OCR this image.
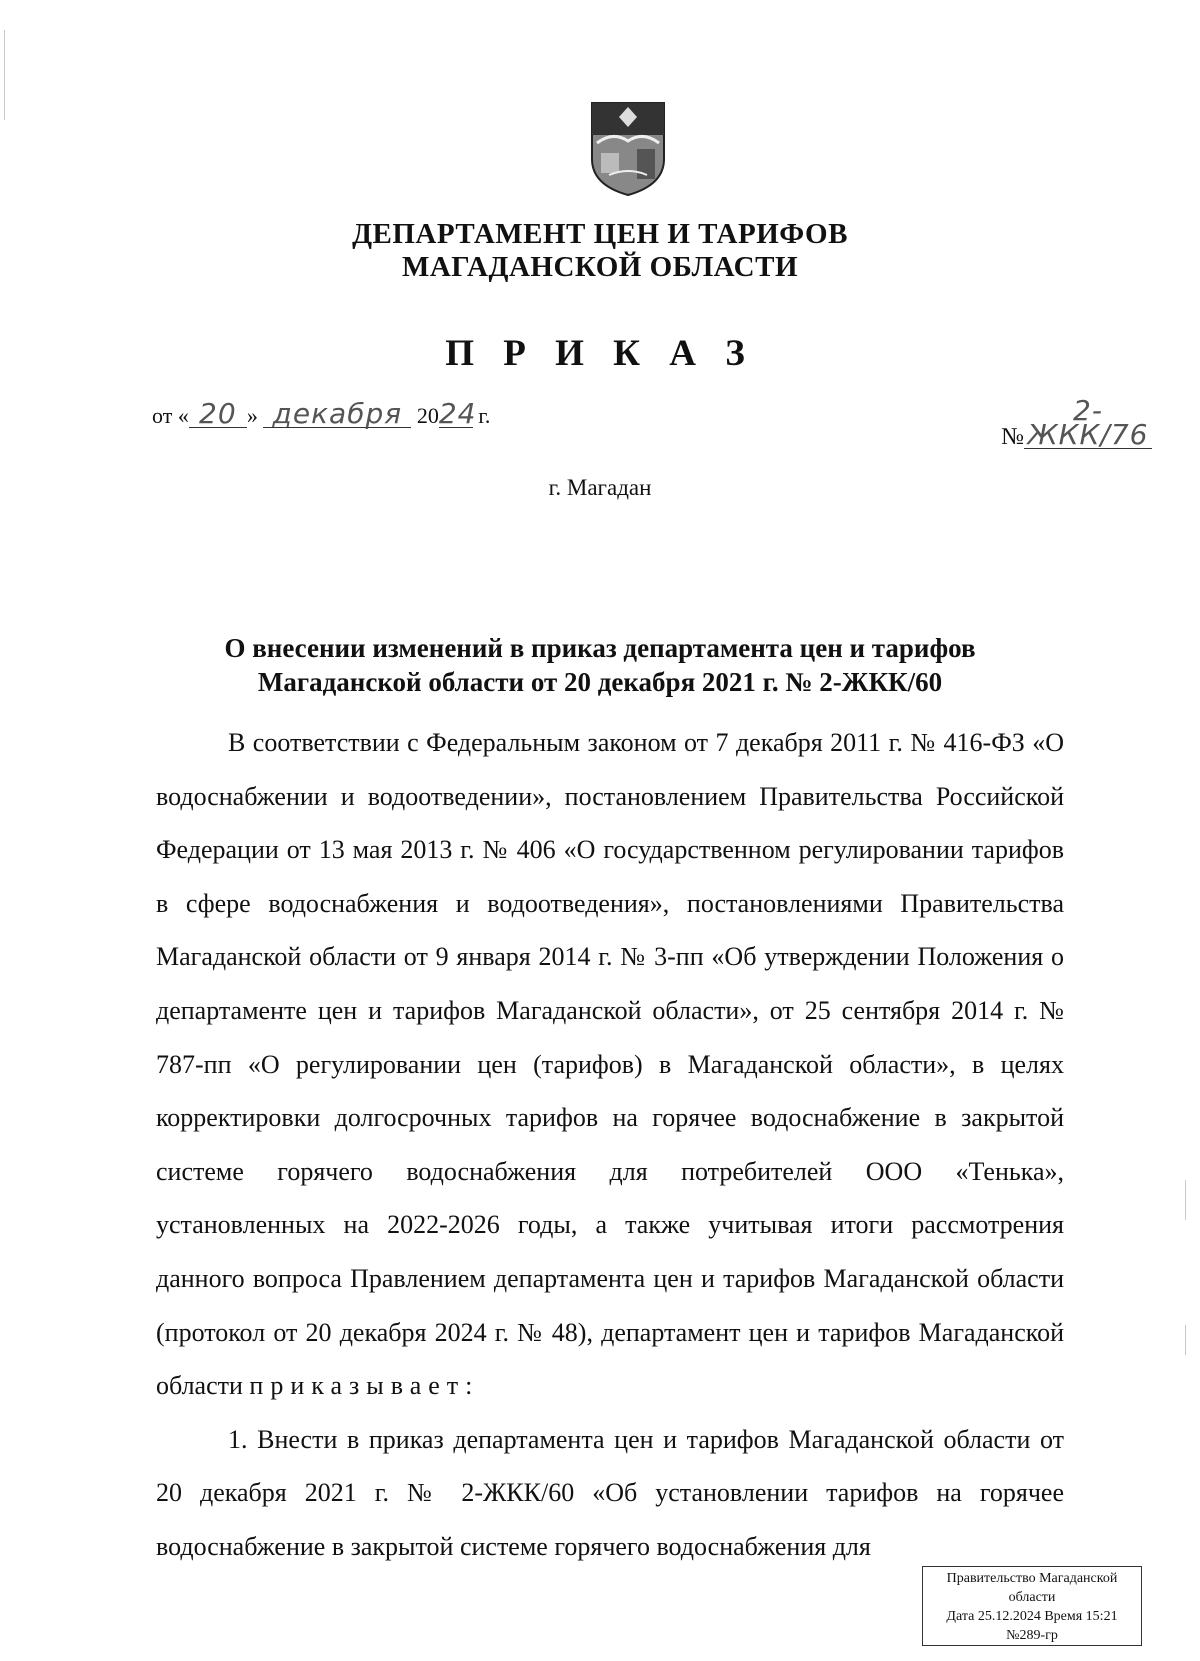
ДЕПАРТАМЕНТ ЦЕН И ТАРИФОВ
МАГАДАНСКОЙ ОБЛАСТИ
П Р И К А З
от « 20 » декабря 2024 г.
№2-ЖКК/76
г. Магадан
О внесении изменений в приказ департамента цен и тарифов
Магаданской области от 20 декабря 2021 г. № 2-ЖКК/60

В соответствии с Федеральным законом от 7 декабря 2011 г. № 416-ФЗ «О водоснабжении и водоотведении», постановлением Правительства Российской Федерации от 13 мая 2013 г. № 406 «О государственном регулировании тарифов в сфере водоснабжения и водоотведения», постановлениями Правительства Магаданской области от 9 января 2014 г. № 3-пп «Об утверждении Положения о департаменте цен и тарифов Магаданской области», от 25 сентября 2014 г. № 787-пп «О регулировании цен (тарифов) в Магаданской области», в целях корректировки долгосрочных тарифов на горячее водоснабжение в закрытой системе горячего водоснабжения для потребителей ООО «Тенька», установленных на 2022-2026 годы, а также учитывая итоги рассмотрения данного вопроса Правлением департамента цен и тарифов Магаданской области (протокол от 20 декабря 2024 г. № 48), департамент цен и тарифов Магаданской области приказывает:

1. Внести в приказ департамента цен и тарифов Магаданской области от 20 декабря 2021 г. № 2-ЖКК/60 «Об установлении тарифов на горячее водоснабжение в закрытой системе горячего водоснабжения для

Правительство Магаданской
области
Дата 25.12.2024 Время 15:21
№289-гр
